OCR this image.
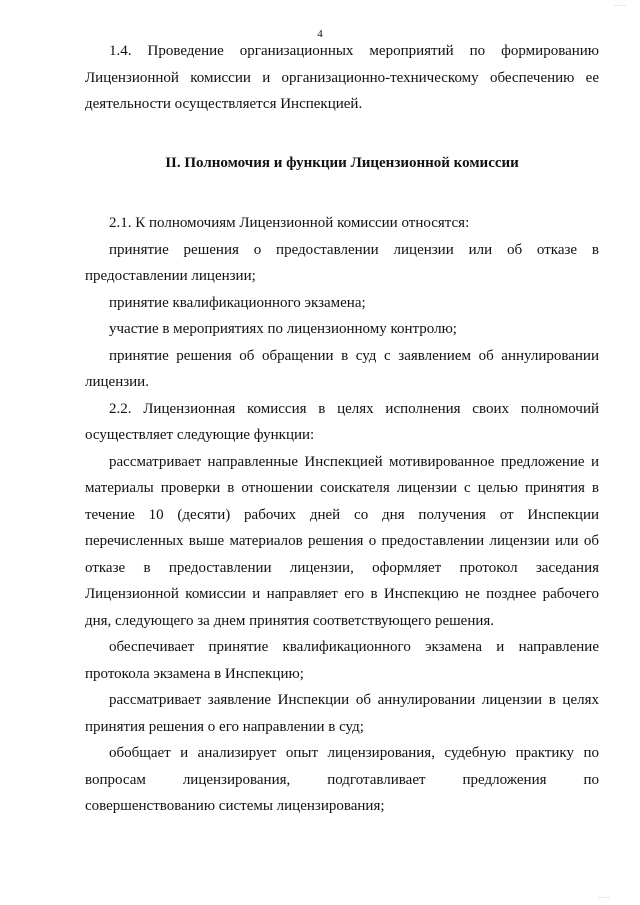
....
4

1.4. Проведение организационных мероприятий по формированию Лицензионной комиссии и организационно-техническому обеспечению ее деятельности осуществляется Инспекцией.

II. Полномочия и функции Лицензионной комиссии

2.1. К полномочиям Лицензионной комиссии относятся:

принятие решения о предоставлении лицензии или об отказе в предоставлении лицензии;

принятие квалификационного экзамена;

участие в мероприятиях по лицензионному контролю;

принятие решения об обращении в суд с заявлением об аннулировании лицензии.

2.2. Лицензионная комиссия в целях исполнения своих полномочий осуществляет следующие функции:

рассматривает направленные Инспекцией мотивированное предложение и материалы проверки в отношении соискателя лицензии с целью принятия в течение 10 (десяти) рабочих дней со дня получения от Инспекции перечисленных выше материалов решения о предоставлении лицензии или об отказе в предоставлении лицензии, оформляет протокол заседания Лицензионной комиссии и направляет его в Инспекцию не позднее рабочего дня, следующего за днем принятия соответствующего решения.

обеспечивает принятие квалификационного экзамена и направление протокола экзамена в Инспекцию;

рассматривает заявление Инспекции об аннулировании лицензии в целях принятия решения о его направлении в суд;

обобщает и анализирует опыт лицензирования, судебную практику по вопросам лицензирования, подготавливает предложения по совершенствованию системы лицензирования;

....
